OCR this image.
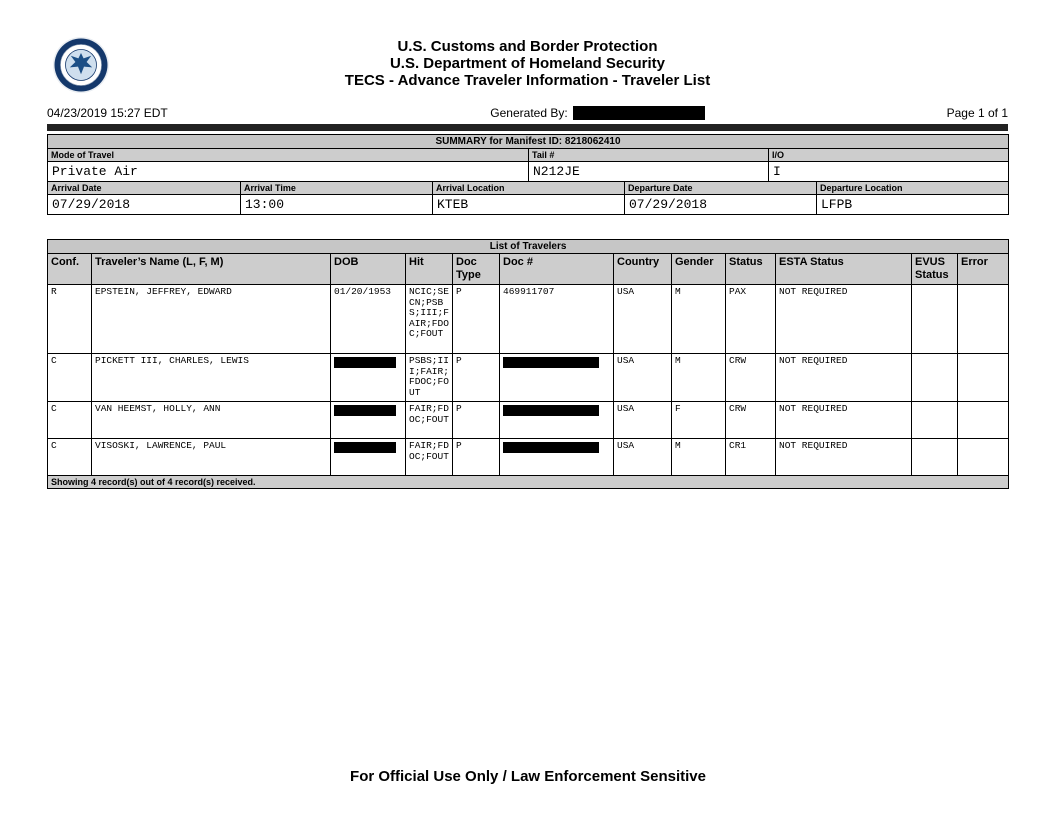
U.S. Customs and Border Protection
U.S. Department of Homeland Security
TECS - Advance Traveler Information - Traveler List
04/23/2019 15:27 EDT	Generated By:	Page 1 of 1
SUMMARY for Manifest ID: 8218062410		
Mode of Travel	Tail #	I/O
Private Air	N212JE	I
Arrival Date	Arrival Time	Arrival Location	Departure Date	Departure Location
07/29/2018	13:00	KTEB	07/29/2018	LFPB
List of Travelers											
Conf.	Traveler’s Name (L, F, M)	DOB	Hit	Doc Type	Doc #	Country	Gender	Status	ESTA Status	EVUS Status	Error
R	EPSTEIN, JEFFREY, EDWARD	01/20/1953	NCIC;SECN;PSBS;III;FAIR;FDOC;FOUT	P	469911707	USA	M	PAX	NOT REQUIRED		
C	PICKETT III, CHARLES, LEWIS		PSBS;III;FAIR;FDOC;FOUT	P		USA	M	CRW	NOT REQUIRED		
C	VAN HEEMST, HOLLY, ANN		FAIR;FDOC;FOUT	P		USA	F	CRW	NOT REQUIRED		
C	VISOSKI, LAWRENCE, PAUL		FAIR;FDOC;FOUT	P		USA	M	CR1	NOT REQUIRED		
Showing 4 record(s) out of 4 record(s) received.											
For Official Use Only / Law Enforcement Sensitive
